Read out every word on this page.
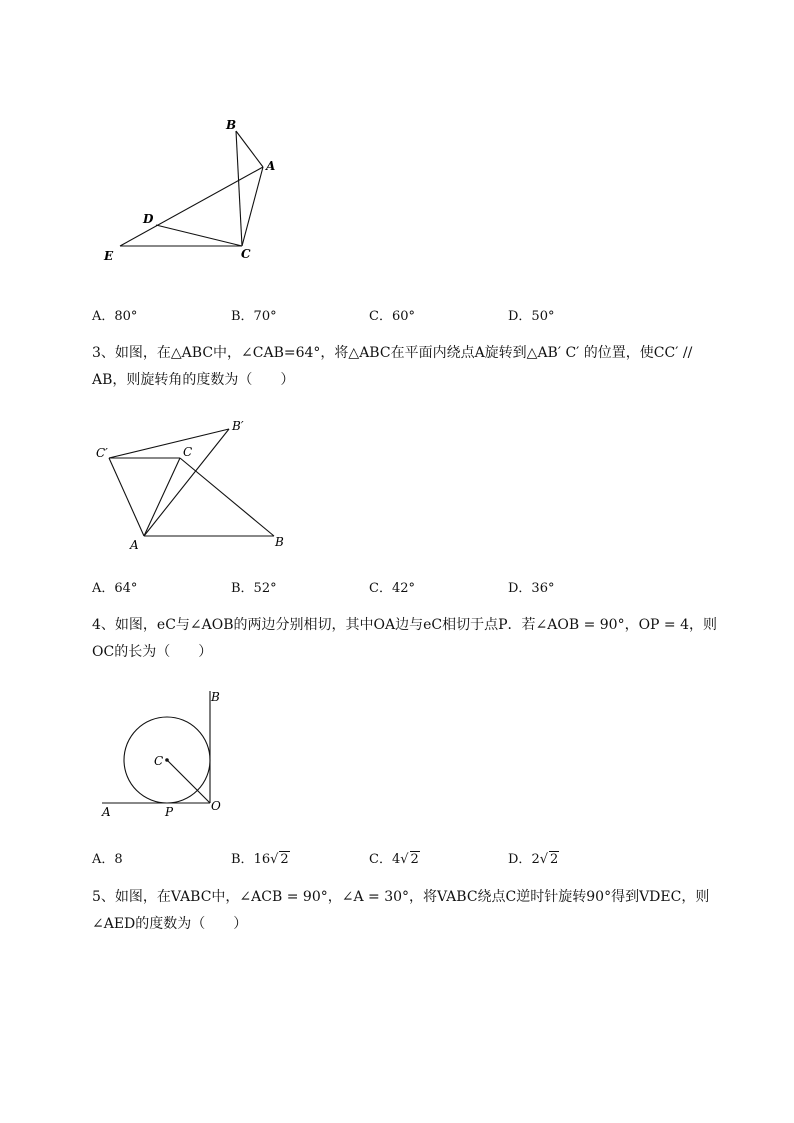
B
A
D
E	C
A．80°	B．70°	C．60°	D．50°

3、如图，在△ABC中，∠CAB=64°，将△ABC在平面内绕点A旋转到△AB′ C′ 的位置，使CC′ //

AB，则旋转角的度数为（　　）

C′	C
B′
A	B
A．64°	B．52°	C．42°	D．36°

4、如图，eC与∠AOB的两边分别相切，其中OA边与eC相切于点P．若∠AOB = 90°，OP = 4，则

OC的长为（　　）

B
C
A	P	O
A．8	B．16√ 2	C．4√ 2	D．2√ 2

5、如图，在VABC中，∠ACB = 90°，∠A = 30°，将VABC绕点C逆时针旋转90°得到VDEC，则

∠AED的度数为（　　）
